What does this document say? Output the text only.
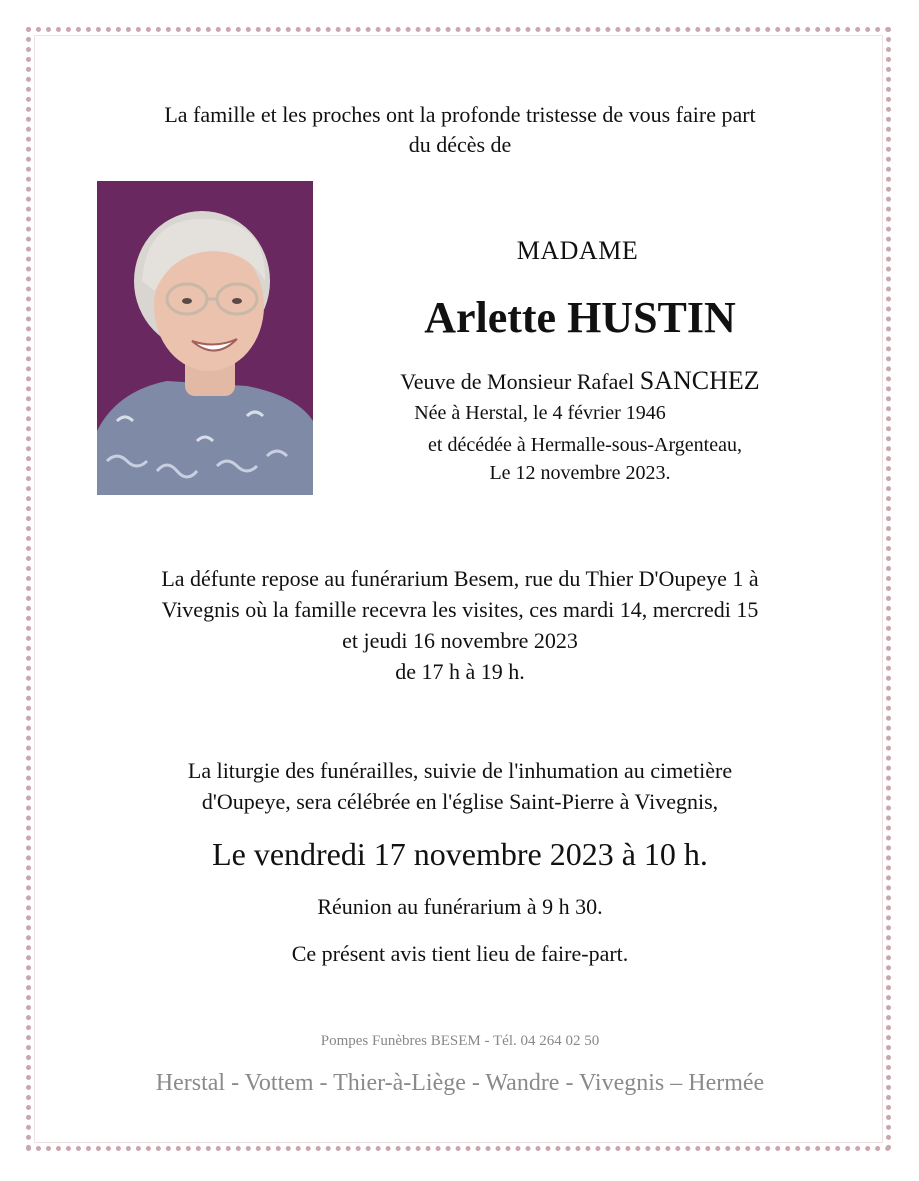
La famille et les proches ont la profonde tristesse de vous faire part
du décès de
MADAME
Arlette HUSTIN
Veuve de Monsieur Rafael SANCHEZ
Née à Herstal, le 4 février 1946
et décédée à Hermalle-sous-Argenteau,
Le 12 novembre 2023.
La défunte repose au funérarium Besem, rue du Thier D'Oupeye 1 à
Vivegnis où la famille recevra les visites, ces mardi 14, mercredi 15
et jeudi 16 novembre 2023
de 17 h à 19 h.
La liturgie des funérailles, suivie de l'inhumation au cimetière
d'Oupeye, sera célébrée en l'église Saint-Pierre à Vivegnis,
Le vendredi 17 novembre 2023 à 10 h.
Réunion au funérarium à 9 h 30.
Ce présent avis tient lieu de faire-part.
Pompes Funèbres BESEM - Tél. 04 264 02 50
Herstal - Vottem - Thier-à-Liège - Wandre - Vivegnis – Hermée
